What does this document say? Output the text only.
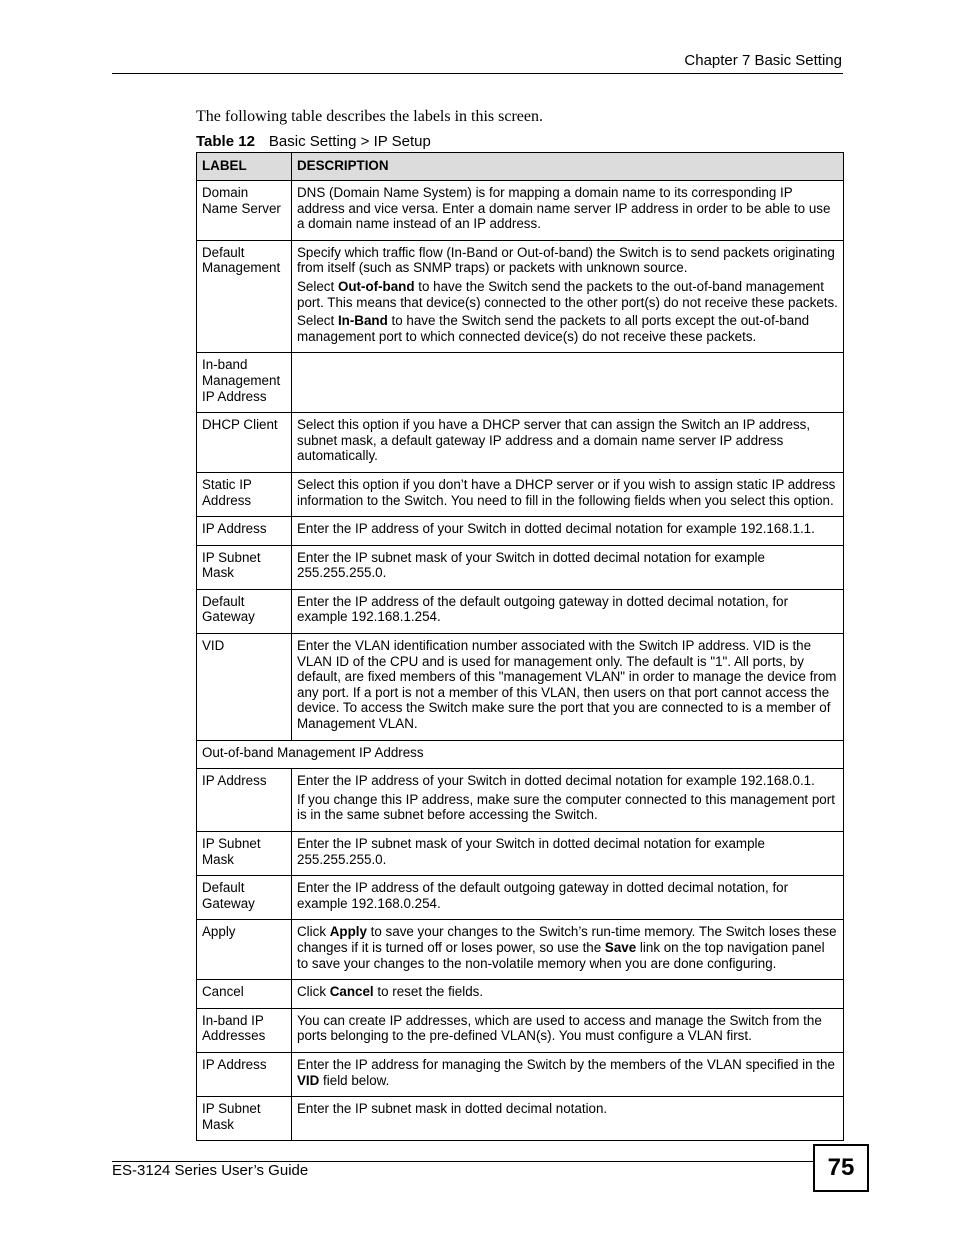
Chapter 7 Basic Setting
The following table describes the labels in this screen.
Table 12 Basic Setting > IP Setup
LABEL	DESCRIPTION
Domain Name Server	DNS (Domain Name System) is for mapping a domain name to its corresponding IP address and vice versa. Enter a domain name server IP address in order to be able to use a domain name instead of an IP address.

Default Management	Specify which traffic flow (In-Band or Out-of-band) the Switch is to send packets originating from itself (such as SNMP traps) or packets with unknown source.

Select Out-of-band to have the Switch send the packets to the out-of-band management port. This means that device(s) connected to the other port(s) do not receive these packets.

Select In-Band to have the Switch send the packets to all ports except the out-of-band management port to which connected device(s) do not receive these packets.

In-band Management IP Address	
DHCP Client	Select this option if you have a DHCP server that can assign the Switch an IP address, subnet mask, a default gateway IP address and a domain name server IP address automatically.

Static IP Address	Select this option if you don’t have a DHCP server or if you wish to assign static IP address information to the Switch. You need to fill in the following fields when you select this option.

IP Address	Enter the IP address of your Switch in dotted decimal notation for example 192.168.1.1.

IP Subnet Mask	Enter the IP subnet mask of your Switch in dotted decimal notation for example 255.255.255.0.

Default Gateway	Enter the IP address of the default outgoing gateway in dotted decimal notation, for example 192.168.1.254.

VID	Enter the VLAN identification number associated with the Switch IP address. VID is the VLAN ID of the CPU and is used for management only. The default is "1". All ports, by default, are fixed members of this "management VLAN" in order to manage the device from any port. If a port is not a member of this VLAN, then users on that port cannot access the device. To access the Switch make sure the port that you are connected to is a member of Management VLAN.

Out-of-band Management IP Address	
IP Address	Enter the IP address of your Switch in dotted decimal notation for example 192.168.0.1.

If you change this IP address, make sure the computer connected to this management port is in the same subnet before accessing the Switch.

IP Subnet Mask	Enter the IP subnet mask of your Switch in dotted decimal notation for example 255.255.255.0.

Default Gateway	Enter the IP address of the default outgoing gateway in dotted decimal notation, for example 192.168.0.254.

Apply	Click Apply to save your changes to the Switch’s run-time memory. The Switch loses these changes if it is turned off or loses power, so use the Save link on the top navigation panel to save your changes to the non-volatile memory when you are done configuring.

Cancel	Click Cancel to reset the fields.

In-band IP Addresses	You can create IP addresses, which are used to access and manage the Switch from the ports belonging to the pre-defined VLAN(s). You must configure a VLAN first.

IP Address	Enter the IP address for managing the Switch by the members of the VLAN specified in the VID field below.

IP Subnet Mask	Enter the IP subnet mask in dotted decimal notation.

ES-3124 Series User’s Guide	75
